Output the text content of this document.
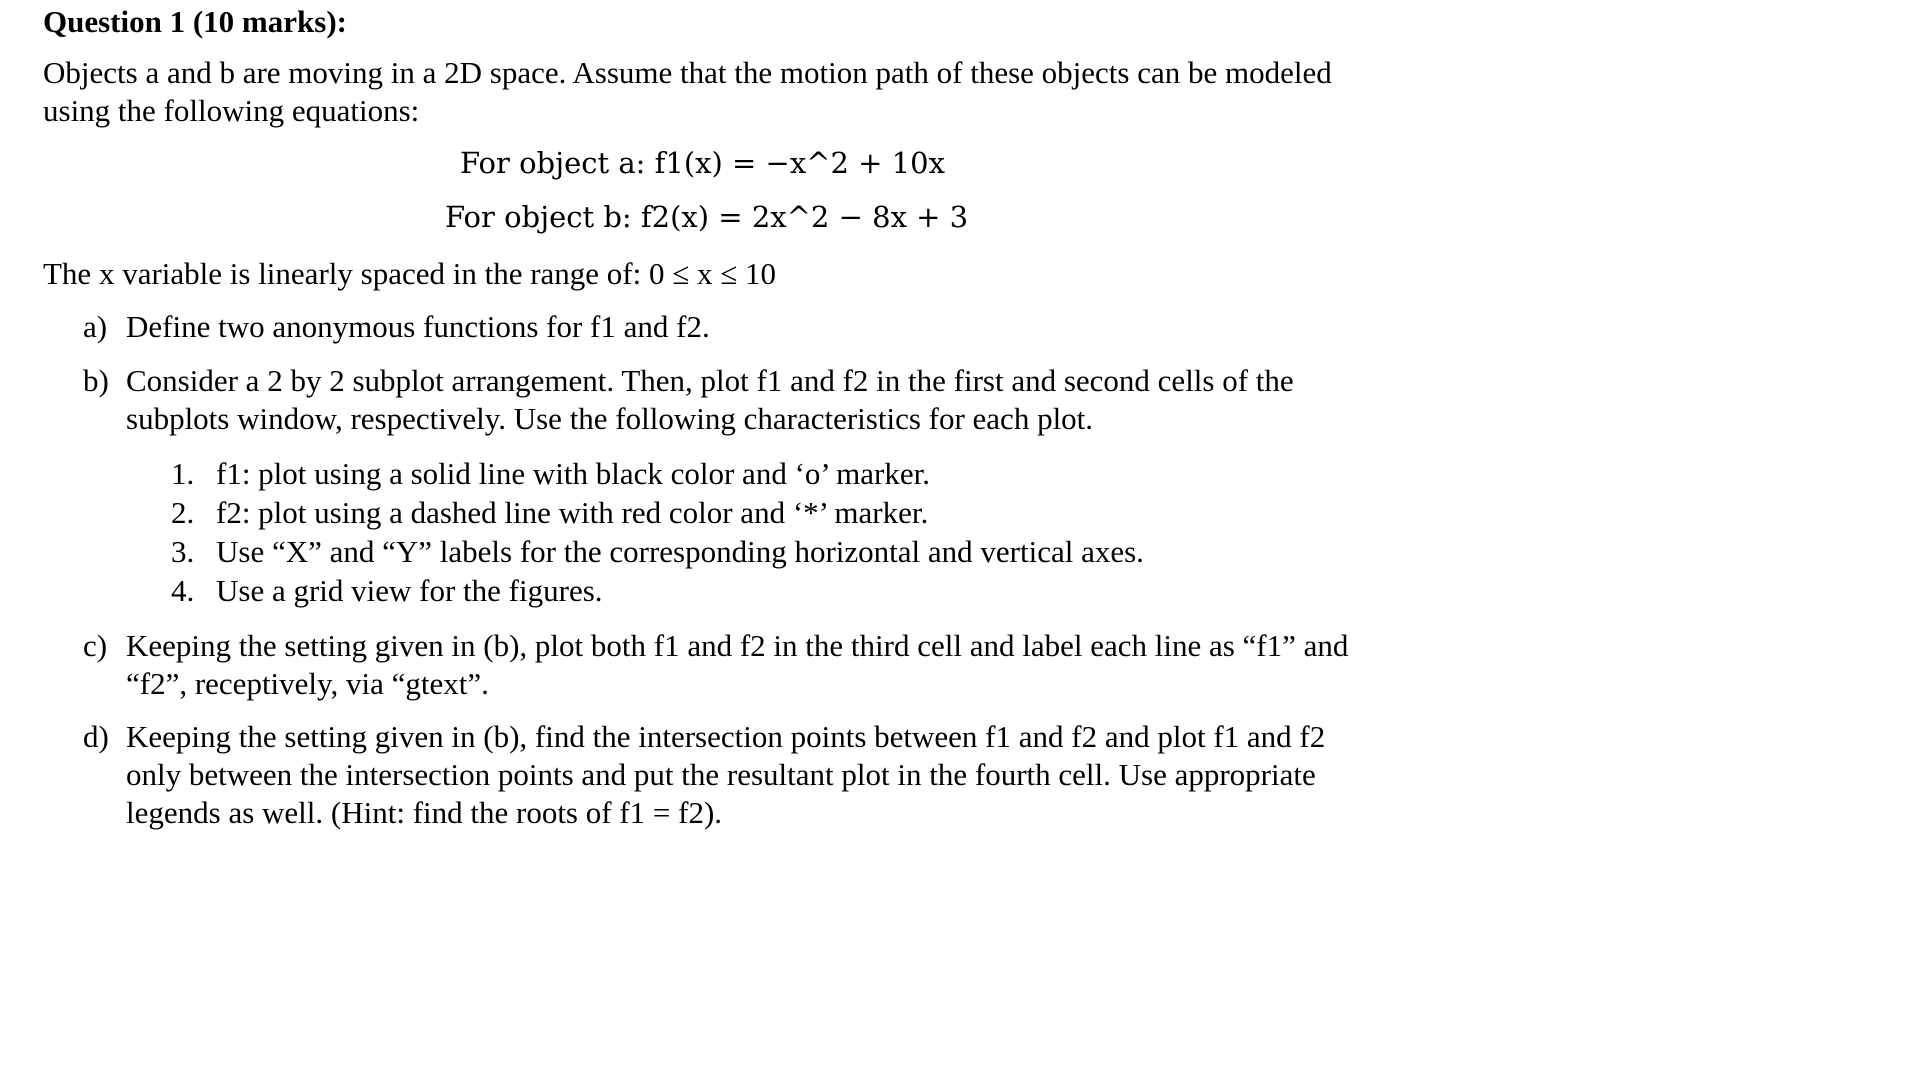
Question 1 (10 marks):
Objects a and b are moving in a 2D space. Assume that the motion path of these objects can be modeled using the following equations:
For object a: f1(x) = −x^2 + 10x
For object b: f2(x) = 2x^2 − 8x + 3
The x variable is linearly spaced in the range of: 0 ≤ x ≤ 10
a) Define two anonymous functions for f1 and f2.
b) Consider a 2 by 2 subplot arrangement. Then, plot f1 and f2 in the first and second cells of the subplots window, respectively. Use the following characteristics for each plot.
1. f1: plot using a solid line with black color and ‘o’ marker.
2. f2: plot using a dashed line with red color and ‘*’ marker.
3. Use “X” and “Y” labels for the corresponding horizontal and vertical axes.
4. Use a grid view for the figures.
c) Keeping the setting given in (b), plot both f1 and f2 in the third cell and label each line as “f1” and “f2”, receptively, via “gtext”.
d) Keeping the setting given in (b), find the intersection points between f1 and f2 and plot f1 and f2 only between the intersection points and put the resultant plot in the fourth cell. Use appropriate legends as well. (Hint: find the roots of f1 = f2).
